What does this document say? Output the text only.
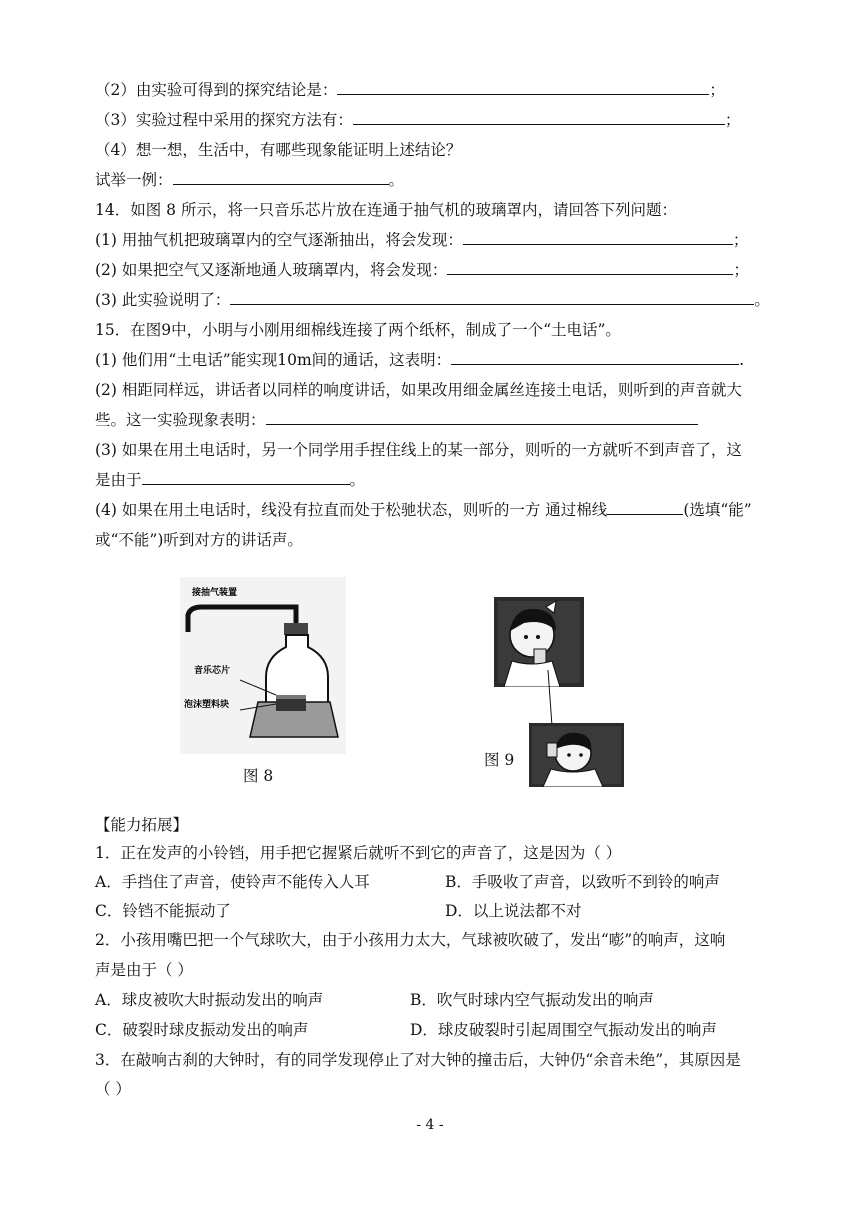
（2）由实验可得到的探究结论是：	；
（3）实验过程中采用的探究方法有：	；
（4）想一想，生活中，有哪些现象能证明上述结论？
试举一例：	。
14．如图 8 所示，将一只音乐芯片放在连通于抽气机的玻璃罩内，请回答下列问题：
(1) 用抽气机把玻璃罩内的空气逐渐抽出，将会发现：	；
(2) 如果把空气又逐渐地通人玻璃罩内，将会发现：	；
(3) 此实验说明了：	。
15．在图9中，小明与小刚用细棉线连接了两个纸杯，制成了一个“土电话”。
(1) 他们用“土电话”能实现10m间的通话，这表明：	.
(2) 相距同样远，讲话者以同样的响度讲话，如果改用细金属丝连接土电话，则听到的声音就大
些。这一实验现象表明：
(3) 如果在用土电话时，另一个同学用手捏住线上的某一部分，则听的一方就听不到声音了，这
是由于	。
(4) 如果在用土电话时，线没有拉直而处于松驰状态，则听的一方 通过棉线	(选填“能”
或“不能”)听到对方的讲话声。
接抽气装置
音乐芯片
泡沫塑料块
图 8
图 9
【能力拓展】
1．正在发声的小铃铛，用手把它握紧后就听不到它的声音了，这是因为（ ）
A．手挡住了声音，使铃声不能传入人耳	B．手吸收了声音，以致听不到铃的响声
C．铃铛不能振动了	D．以上说法都不对
2．小孩用嘴巴把一个气球吹大，由于小孩用力太大，气球被吹破了，发出“嘭”的响声，这响
声是由于（ ）
A．球皮被吹大时振动发出的响声	B．吹气时球内空气振动发出的响声
C．破裂时球皮振动发出的响声	D．球皮破裂时引起周围空气振动发出的响声
3．在敲响古刹的大钟时，有的同学发现停止了对大钟的撞击后，大钟仍“余音未绝”，其原因是
（ ）
- 4 -
